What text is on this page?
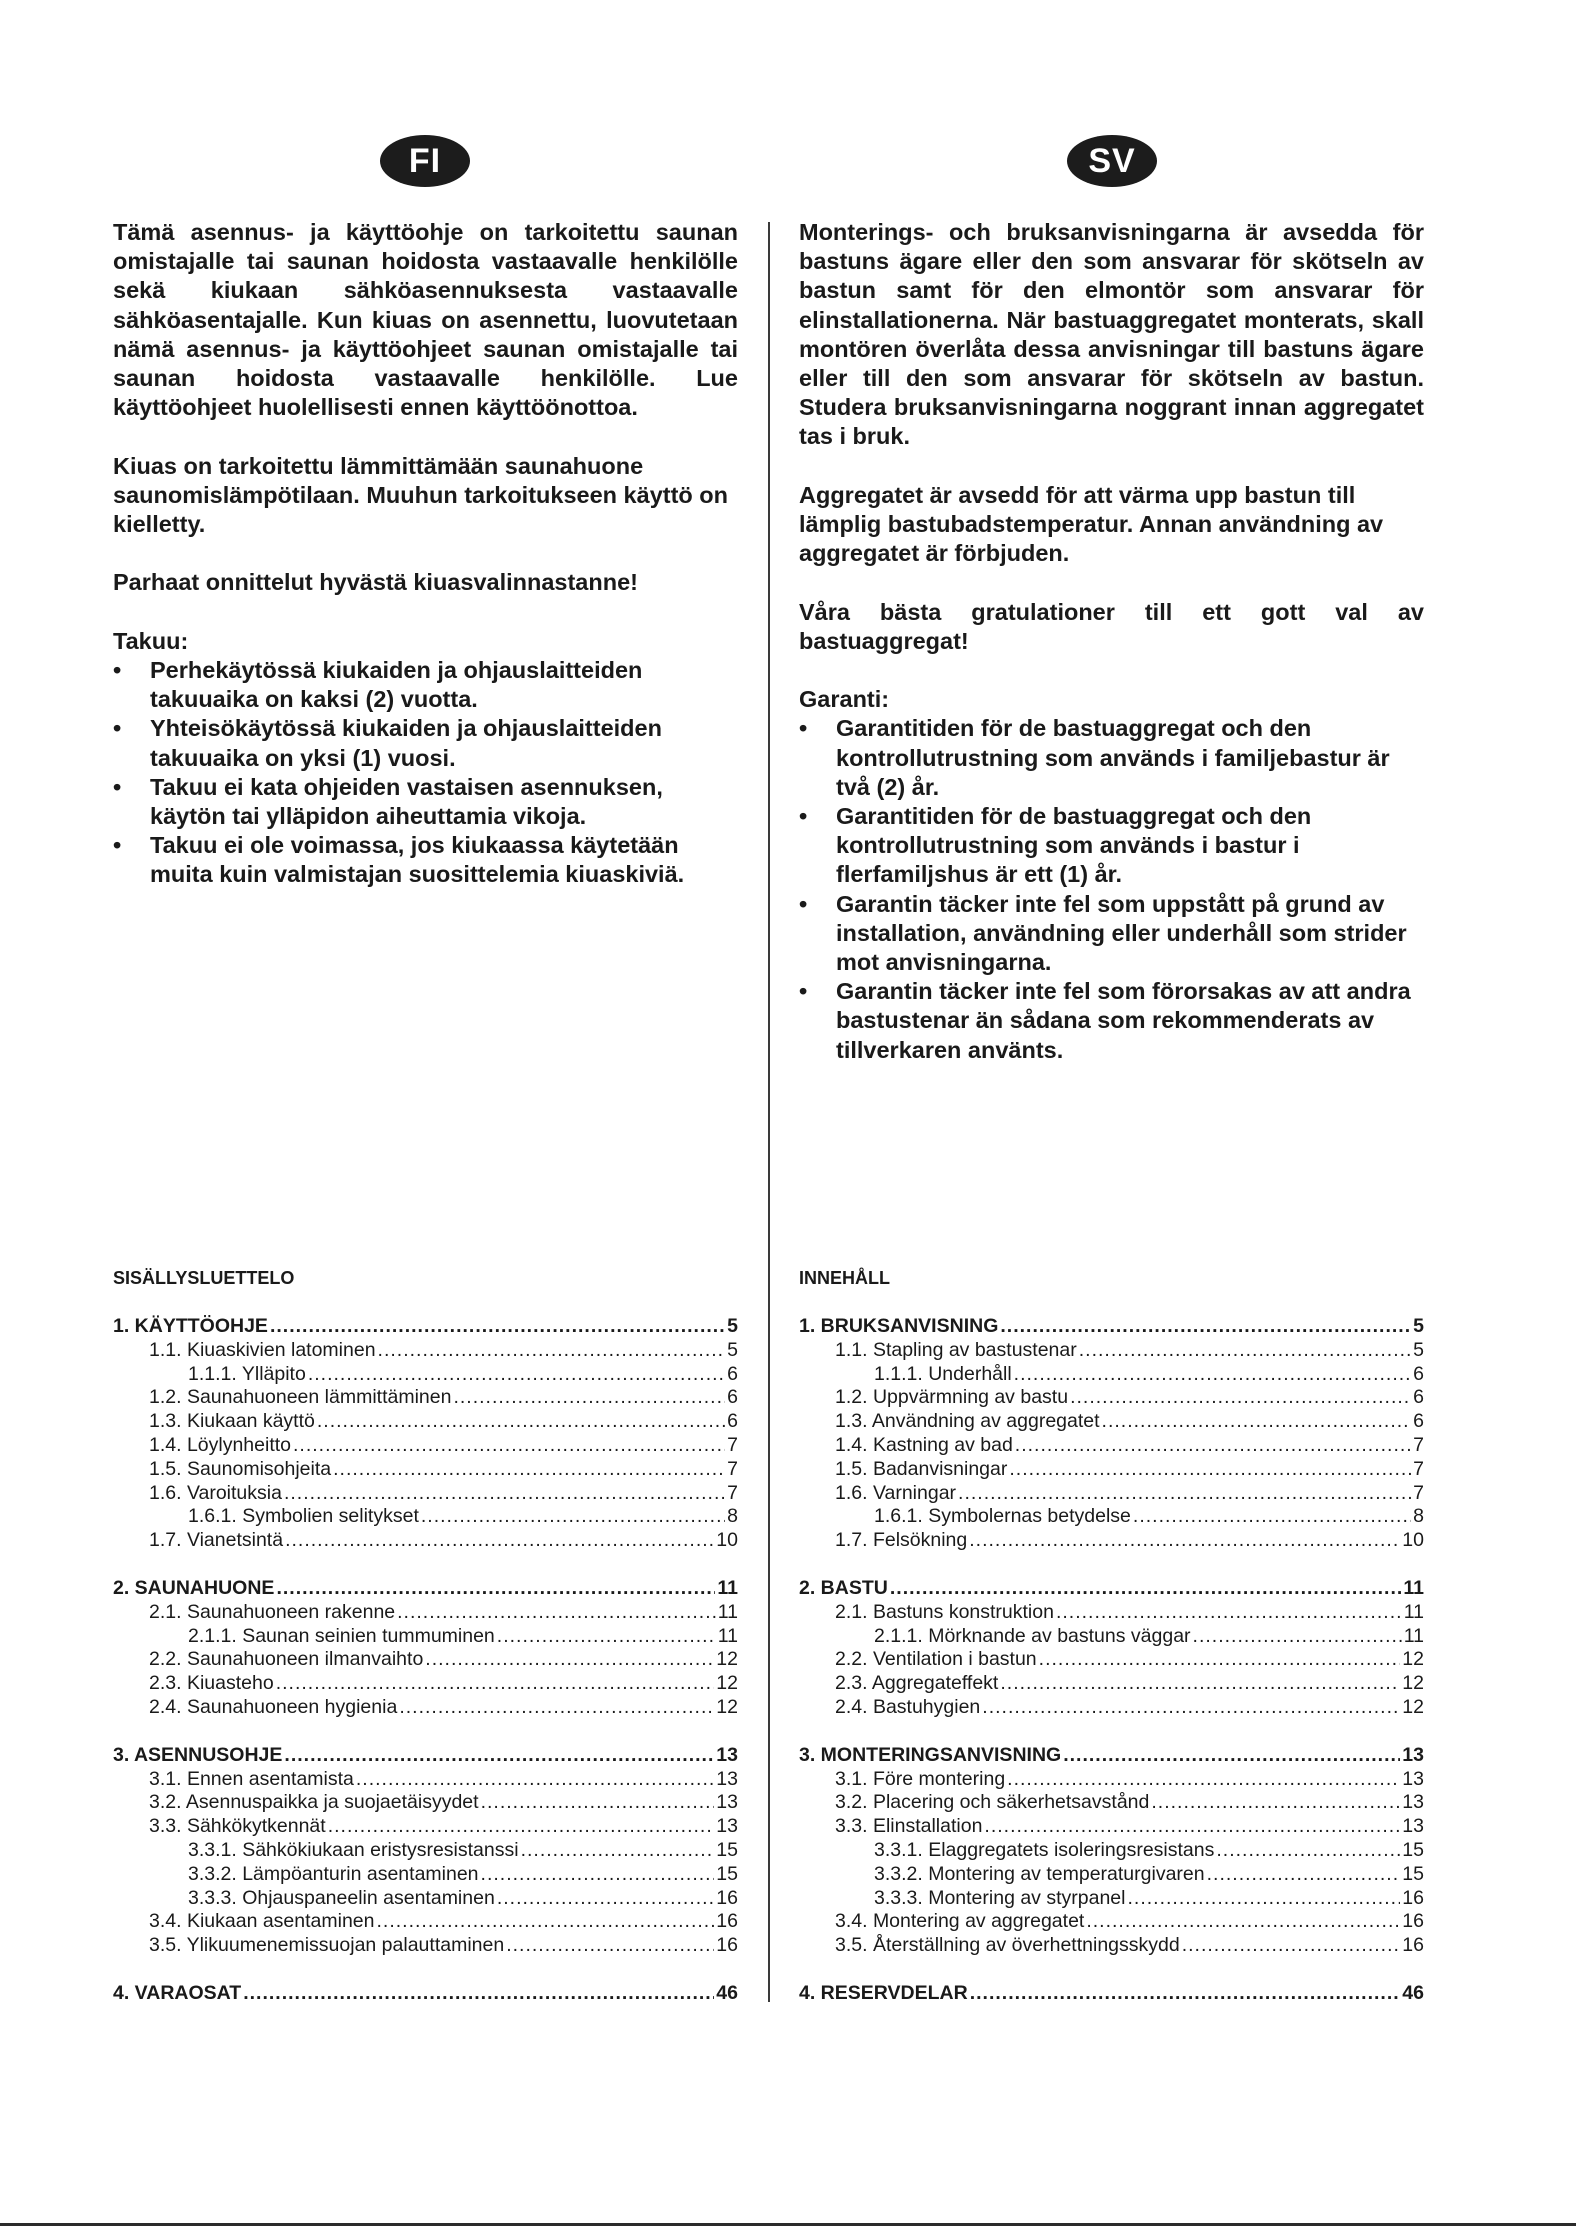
FI	SV

Tämä asennus- ja käyttöohje on tarkoitettu saunan omistajalle tai saunan hoidosta vastaavalle henkilölle sekä kiukaan sähköasennuksesta vastaavalle sähköasentajalle. Kun kiuas on asennettu, luovutetaan nämä asennus- ja käyttöohjeet saunan omistajalle tai saunan hoidosta vastaavalle henkilölle. Lue käyttöohjeet huolellisesti ennen käyttöönottoa.

Kiuas on tarkoitettu lämmittämään saunahuone saunomislämpötilaan. Muuhun tarkoitukseen käyttö on kielletty.

Parhaat onnittelut hyvästä kiuasvalinnastanne!

Takuu:

• Perhekäytössä kiukaiden ja ohjauslaitteiden takuuaika on kaksi (2) vuotta.
• Yhteisökäytössä kiukaiden ja ohjauslaitteiden takuuaika on yksi (1) vuosi.
• Takuu ei kata ohjeiden vastaisen asennuksen, käytön tai ylläpidon aiheuttamia vikoja.
• Takuu ei ole voimassa, jos kiukaassa käytetään muita kuin valmistajan suosittelemia kiuaskiviä.
SISÄLLYSLUETTELO
1. KÄYTTÖOHJE .....	5
1.1. Kiuaskivien latominen .....	5
1.1.1. Ylläpito .....	6
1.2. Saunahuoneen lämmittäminen .....	6
1.3. Kiukaan käyttö .....	6
1.4. Löylynheitto .....	7
1.5. Saunomisohjeita .....	7
1.6. Varoituksia .....	7
1.6.1. Symbolien selitykset .....	8
1.7. Vianetsintä .....	10
2. SAUNAHUONE .....	11
2.1. Saunahuoneen rakenne .....	11
2.1.1. Saunan seinien tummuminen .....	11
2.2. Saunahuoneen ilmanvaihto .....	12
2.3. Kiuasteho .....	12
2.4. Saunahuoneen hygienia .....	12
3. ASENNUSOHJE .....	13
3.1. Ennen asentamista .....	13
3.2. Asennuspaikka ja suojaetäisyydet .....	13
3.3. Sähkökytkennät .....	13
3.3.1. Sähkökiukaan eristysresistanssi .....	15
3.3.2. Lämpöanturin asentaminen .....	15
3.3.3. Ohjauspaneelin asentaminen .....	16
3.4. Kiukaan asentaminen .....	16
3.5. Ylikuumenemissuojan palauttaminen .....	16
4. VARAOSAT .....	46

Monterings- och bruksanvisningarna är avsedda för bastuns ägare eller den som ansvarar för skötseln av bastun samt för den elmontör som ansvarar för elinstallationerna. När bastuaggregatet monterats, skall montören överlåta dessa anvisningar till bastuns ägare eller till den som ansvarar för skötseln av bastun. Studera bruksanvisningarna noggrant innan aggregatet tas i bruk.

Aggregatet är avsedd för att värma upp bastun till lämplig bastubadstemperatur. Annan användning av aggregatet är förbjuden.

Våra bästa gratulationer till ett gott val av bastuaggregat!

Garanti:

• Garantitiden för de bastuaggregat och den kontrollutrustning som används i familjebastur är två (2) år.
• Garantitiden för de bastuaggregat och den kontrollutrustning som används i bastur i flerfamiljshus är ett (1) år.
• Garantin täcker inte fel som uppstått på grund av installation, användning eller underhåll som strider mot anvisningarna.
• Garantin täcker inte fel som förorsakas av att andra bastustenar än sådana som rekommenderats av tillverkaren använts.
INNEHÅLL
1. BRUKSANVISNING .....	5
1.1. Stapling av bastustenar .....	5
1.1.1. Underhåll .....	6
1.2. Uppvärmning av bastu .....	6
1.3. Användning av aggregatet .....	6
1.4. Kastning av bad .....	7
1.5. Badanvisningar .....	7
1.6. Varningar .....	7
1.6.1. Symbolernas betydelse .....	8
1.7. Felsökning .....	10
2. BASTU .....	11
2.1. Bastuns konstruktion .....	11
2.1.1. Mörknande av bastuns väggar .....	11
2.2. Ventilation i bastun .....	12
2.3. Aggregateffekt .....	12
2.4. Bastuhygien .....	12
3. MONTERINGSANVISNING .....	13
3.1. Före montering .....	13
3.2. Placering och säkerhetsavstånd .....	13
3.3. Elinstallation .....	13
3.3.1. Elaggregatets isoleringsresistans .....	15
3.3.2. Montering av temperaturgivaren .....	15
3.3.3. Montering av styrpanel .....	16
3.4. Montering av aggregatet .....	16
3.5. Återställning av överhettningsskydd .....	16
4. RESERVDELAR .....	46
